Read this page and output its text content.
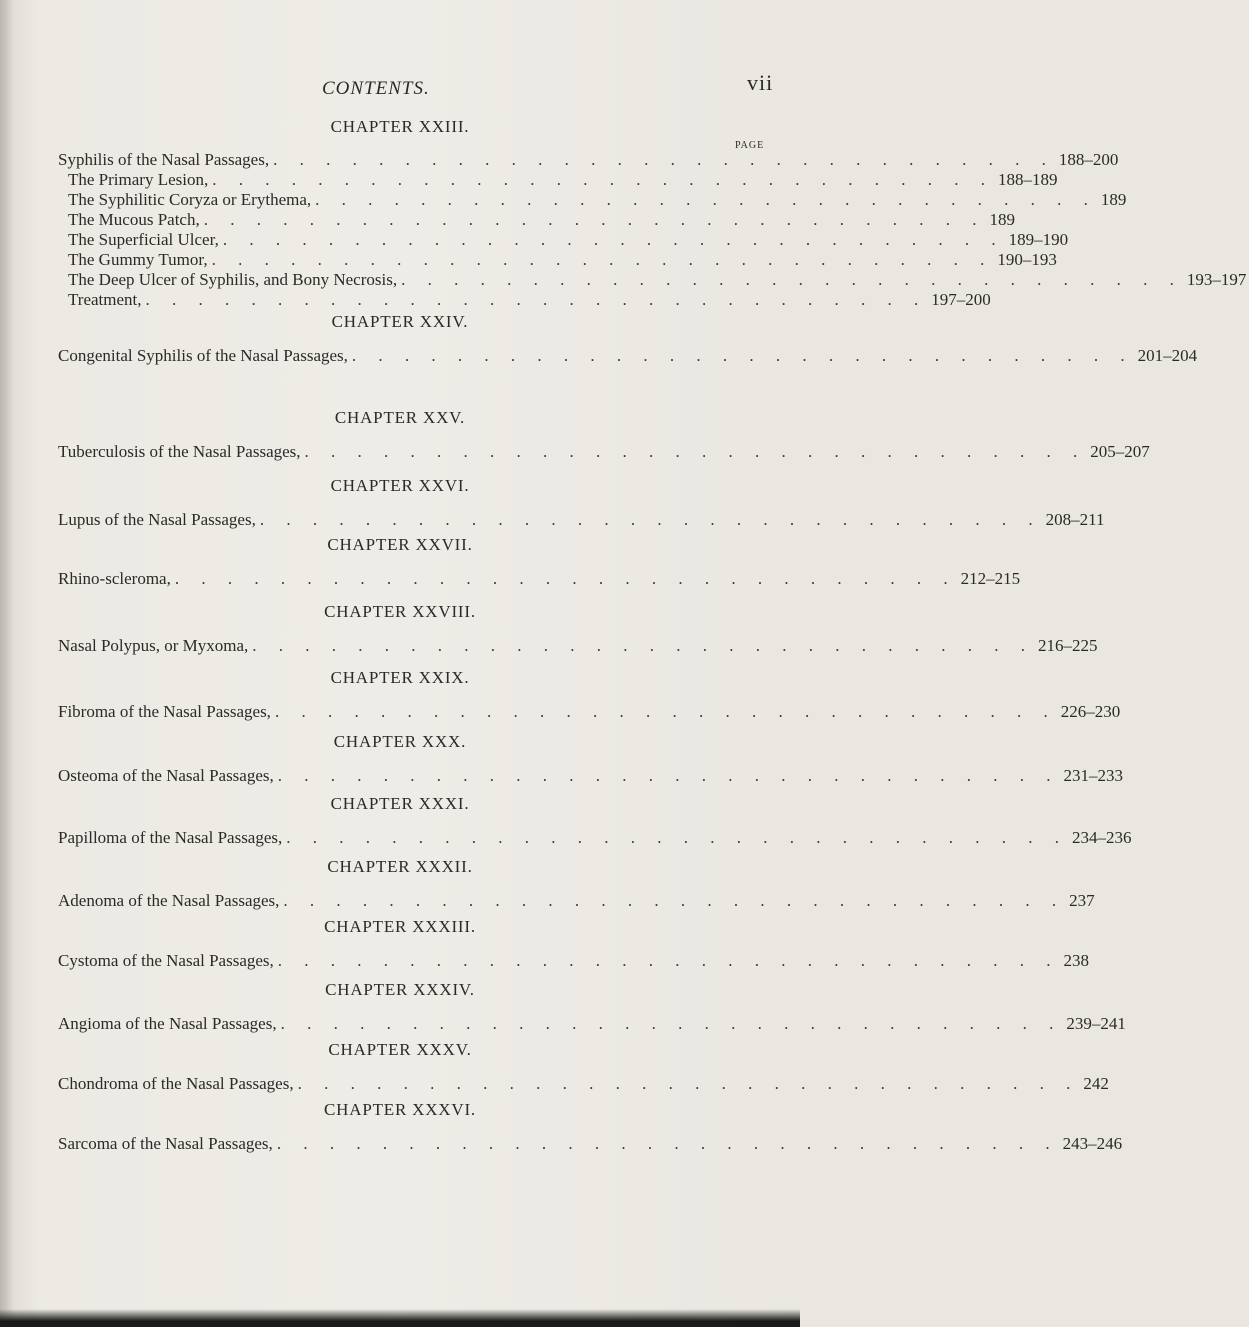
CONTENTS.	vii
PAGE
CHAPTER XXIII.
Syphilis of the Nasal Passages, . . . . . . . . . . . . . . . . . . . . . . . . . . . . . . 188–200
The Primary Lesion, . . . . . . . . . . . . . . . . . . . . . . . . . . . . . . 188–189
The Syphilitic Coryza or Erythema, . . . . . . . . . . . . . . . . . . . . . . . . . . . . . . 189
The Mucous Patch, . . . . . . . . . . . . . . . . . . . . . . . . . . . . . . 189
The Superficial Ulcer, . . . . . . . . . . . . . . . . . . . . . . . . . . . . . . 189–190
The Gummy Tumor, . . . . . . . . . . . . . . . . . . . . . . . . . . . . . . 190–193
The Deep Ulcer of Syphilis, and Bony Necrosis, . . . . . . . . . . . . . . . . . . . . . . . . . . . . . . 193–197
Treatment, . . . . . . . . . . . . . . . . . . . . . . . . . . . . . . 197–200
CHAPTER XXIV.
Congenital Syphilis of the Nasal Passages, . . . . . . . . . . . . . . . . . . . . . . . . . . . . . . 201–204
CHAPTER XXV.
Tuberculosis of the Nasal Passages, . . . . . . . . . . . . . . . . . . . . . . . . . . . . . . 205–207
CHAPTER XXVI.
Lupus of the Nasal Passages, . . . . . . . . . . . . . . . . . . . . . . . . . . . . . . 208–211
CHAPTER XXVII.
Rhino-scleroma, . . . . . . . . . . . . . . . . . . . . . . . . . . . . . . 212–215
CHAPTER XXVIII.
Nasal Polypus, or Myxoma, . . . . . . . . . . . . . . . . . . . . . . . . . . . . . . 216–225
CHAPTER XXIX.
Fibroma of the Nasal Passages, . . . . . . . . . . . . . . . . . . . . . . . . . . . . . . 226–230
CHAPTER XXX.
Osteoma of the Nasal Passages, . . . . . . . . . . . . . . . . . . . . . . . . . . . . . . 231–233
CHAPTER XXXI.
Papilloma of the Nasal Passages, . . . . . . . . . . . . . . . . . . . . . . . . . . . . . . 234–236
CHAPTER XXXII.
Adenoma of the Nasal Passages, . . . . . . . . . . . . . . . . . . . . . . . . . . . . . . 237
CHAPTER XXXIII.
Cystoma of the Nasal Passages, . . . . . . . . . . . . . . . . . . . . . . . . . . . . . . 238
CHAPTER XXXIV.
Angioma of the Nasal Passages, . . . . . . . . . . . . . . . . . . . . . . . . . . . . . . 239–241
CHAPTER XXXV.
Chondroma of the Nasal Passages, . . . . . . . . . . . . . . . . . . . . . . . . . . . . . . 242
CHAPTER XXXVI.
Sarcoma of the Nasal Passages, . . . . . . . . . . . . . . . . . . . . . . . . . . . . . . 243–246
